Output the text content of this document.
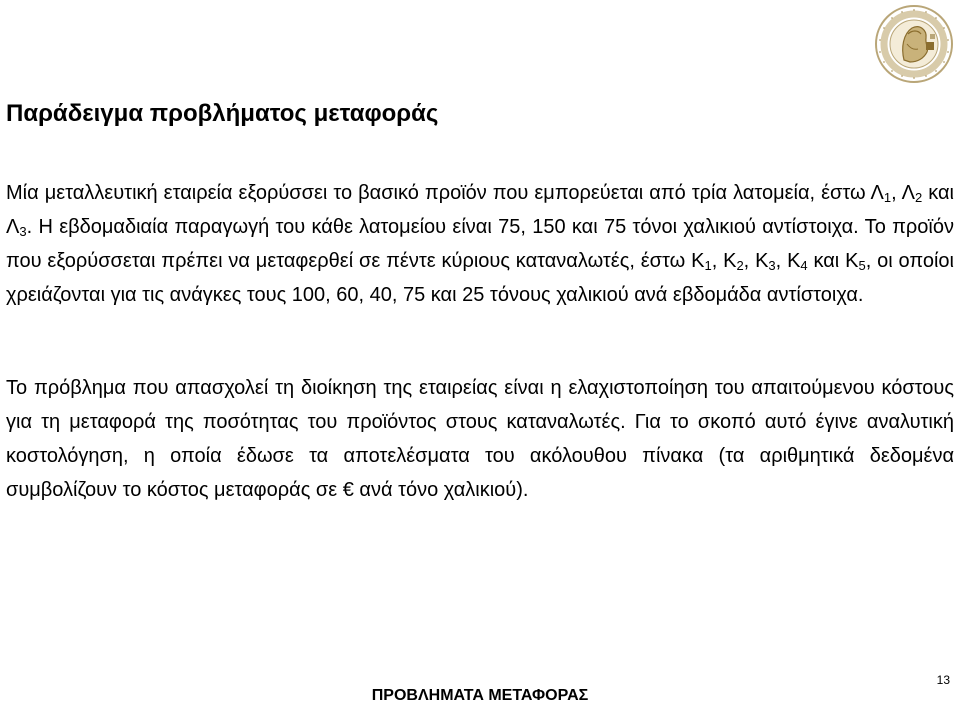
Παράδειγμα προβλήματος μεταφοράς

Μία μεταλλευτική εταιρεία εξορύσσει το βασικό προϊόν που εμπορεύεται από τρία λατομεία, έστω $\Lambda_1$, $\Lambda_2$ και $\Lambda_3$. Η εβδομαδιαία παραγωγή του κάθε λατομείου είναι 75, 150 και 75 τόνοι χαλικιού αντίστοιχα. Το προϊόν που εξορύσσεται πρέπει να μεταφερθεί σε πέντε κύριους καταναλωτές, έστω $K_1$, $K_2$, $K_3$, $K_4$ και $K_5$, οι οποίοι χρειάζονται για τις ανάγκες τους 100, 60, 40, 75 και 25 τόνους χαλικιού ανά εβδομάδα αντίστοιχα.

Το πρόβλημα που απασχολεί τη διοίκηση της εταιρείας είναι η ελαχιστοποίηση του απαιτούμενου κόστους για τη μεταφορά της ποσότητας του προϊόντος στους καταναλωτές. Για το σκοπό αυτό έγινε αναλυτική κοστολόγηση, η οποία έδωσε τα αποτελέσματα του ακόλουθου πίνακα (τα αριθμητικά δεδομένα συμβολίζουν το κόστος μεταφοράς σε € ανά τόνο χαλικιού).

ΠΡΟΒΛΗΜΑΤΑ ΜΕΤΑΦΟΡΑΣ
13
